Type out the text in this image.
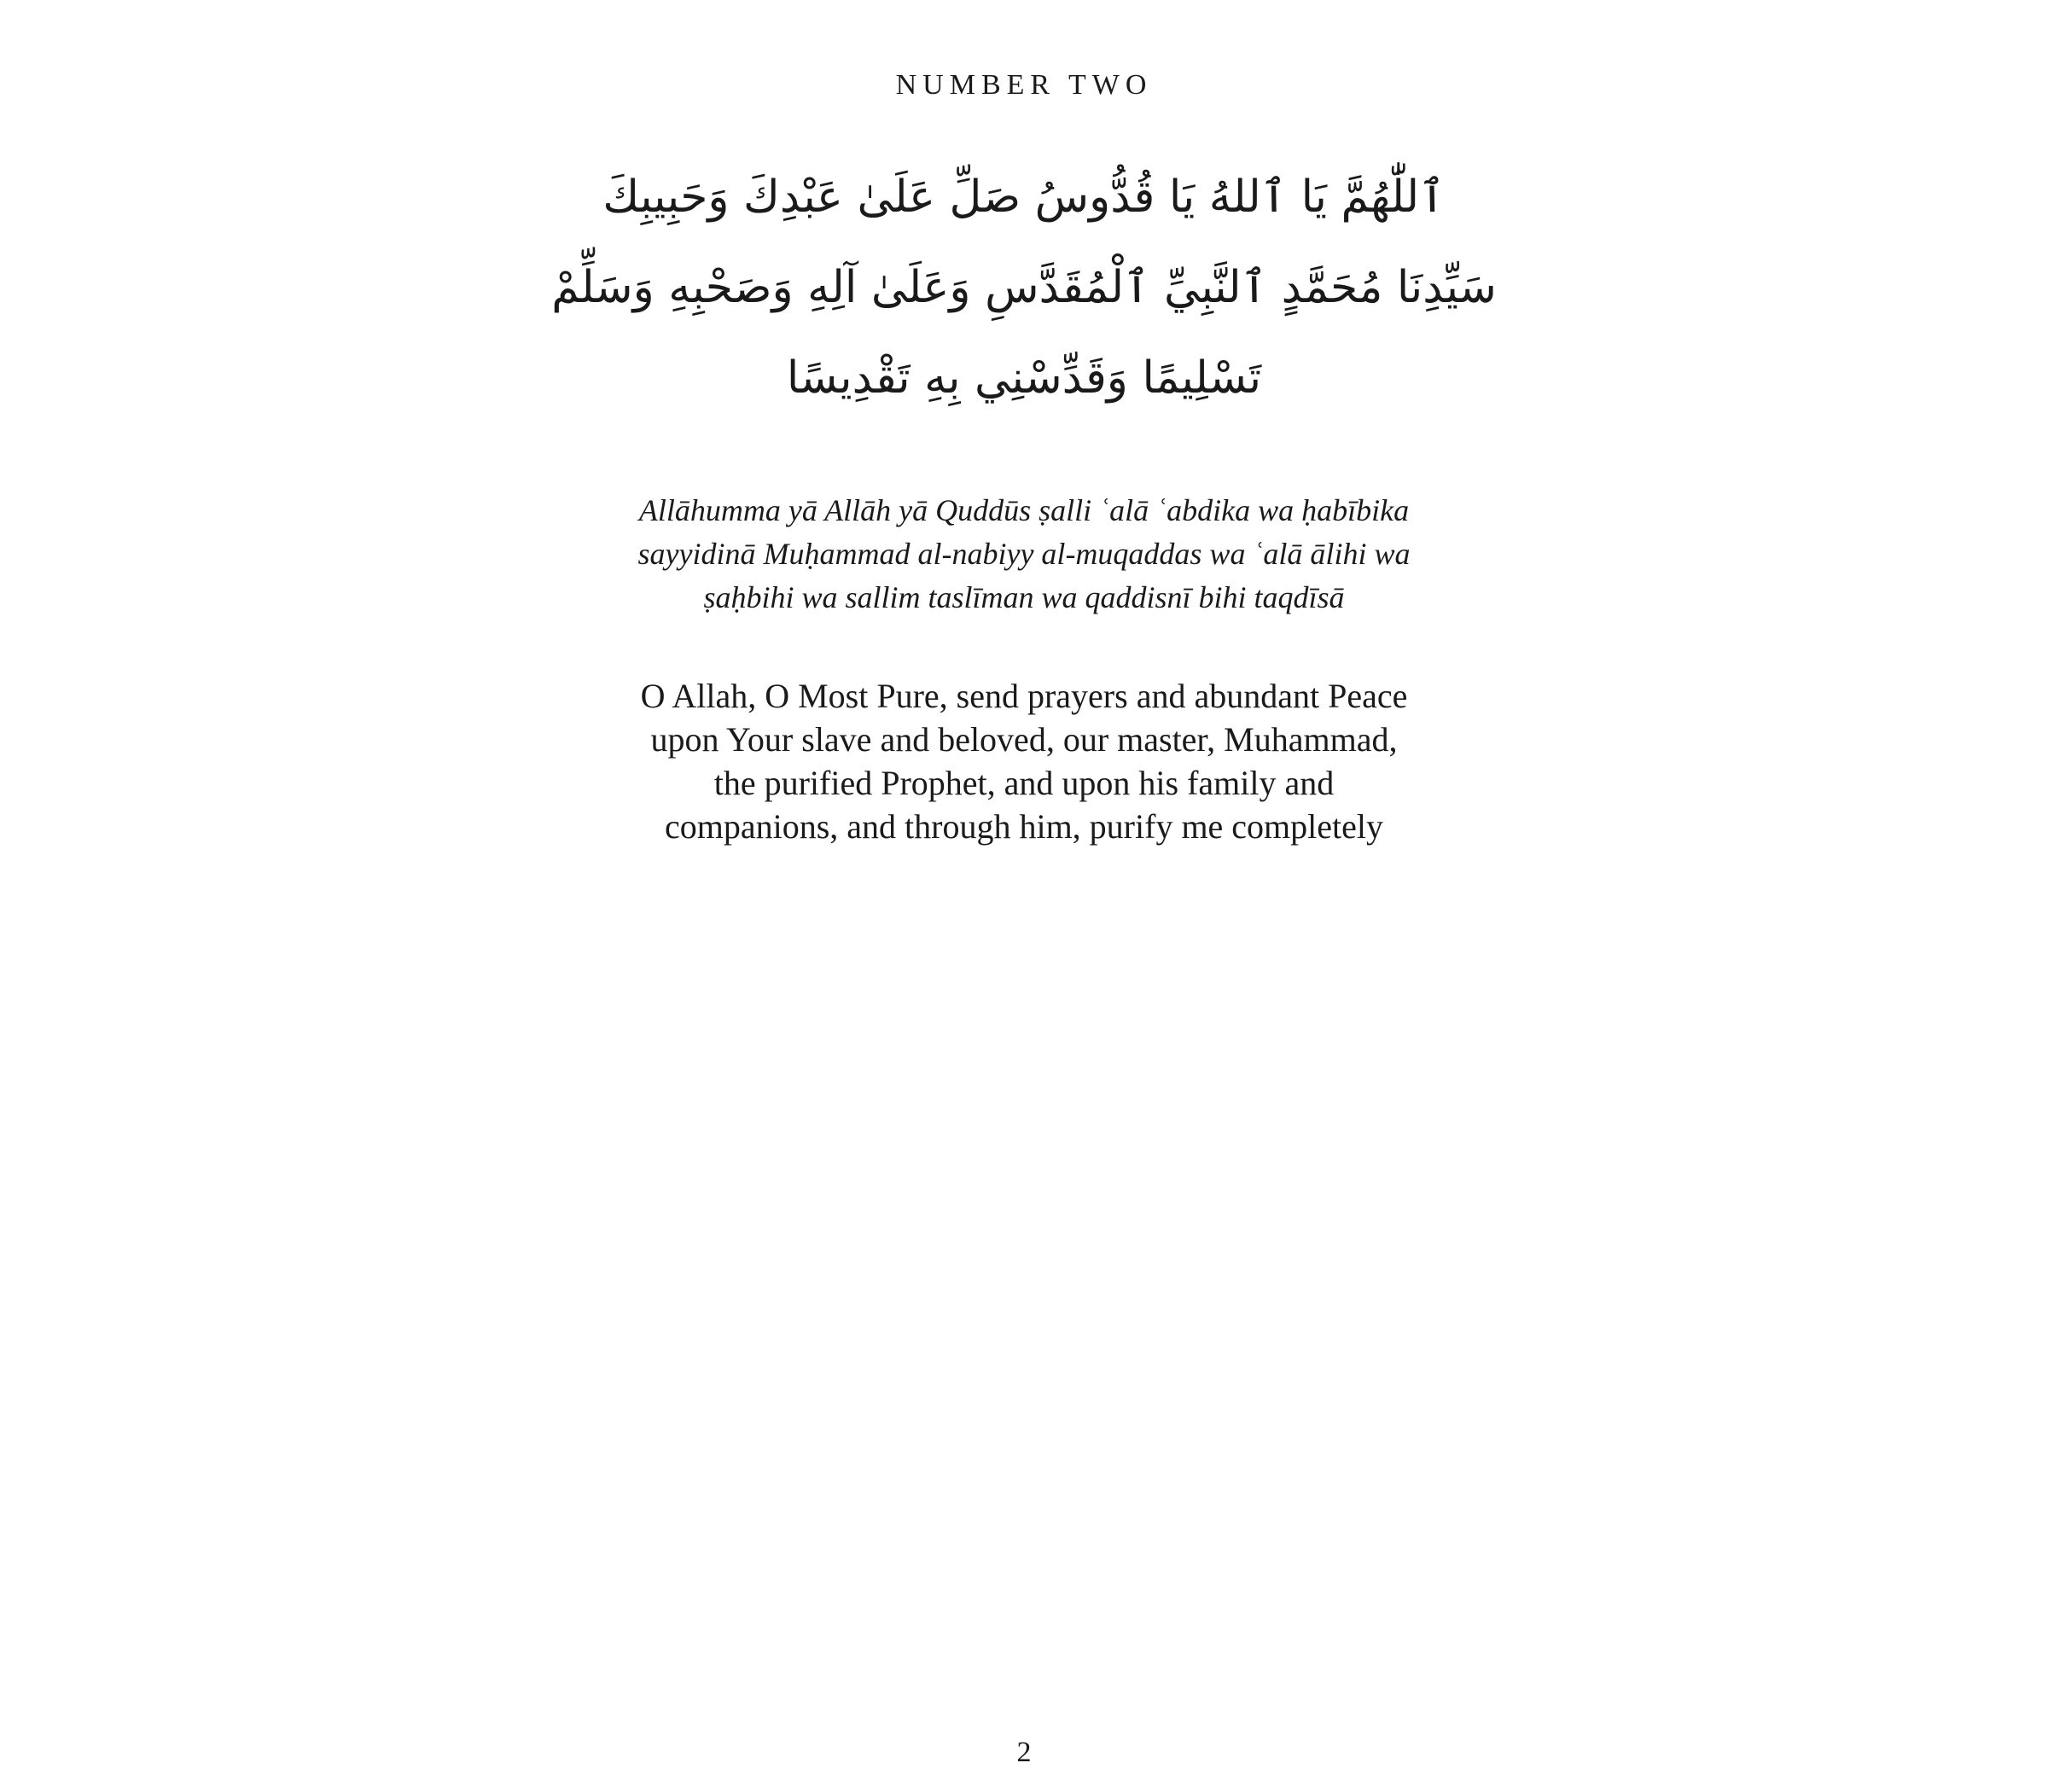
NUMBER TWO
ٱللّٰهُمَّ يَا ٱللهُ يَا قُدُّوسُ صَلِّ عَلَىٰ عَبْدِكَ وَحَبِيبِكَ
سَيِّدِنَا مُحَمَّدٍ ٱلنَّبِيِّ ٱلْمُقَدَّسِ وَعَلَىٰ آلِهِ وَصَحْبِهِ وَسَلِّمْ
تَسْلِيمًا وَقَدِّسْنِي بِهِ تَقْدِيسًا
Allāhumma yā Allāh yā Quddūs ṣalli ʿalā ʿabdika wa ḥabībika
sayyidinā Muḥammad al-nabiyy al-muqaddas wa ʿalā ālihi wa
ṣaḥbihi wa sallim taslīman wa qaddisnī bihi taqdīsā
O Allah, O Most Pure, send prayers and abundant Peace
upon Your slave and beloved, our master, Muhammad,
the purified Prophet, and upon his family and
companions, and through him, purify me completely
2
